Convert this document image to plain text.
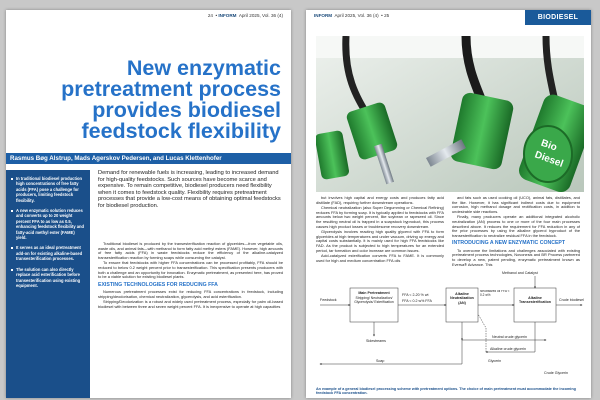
24  • INFORM April 2025, Vol. 36 (4)
New enzymatic
pretreatment process
provides biodiesel
feedstock flexibility
Rasmus Bøg Alstrup, Mads Agerskov Pedersen, and Lucas Klettenhofer
In traditional biodiesel production high concentrations of free fatty acids (FFA) pose a challenge for producers, limiting feedstock flexibility.
A new enzymatic solution reduces and converts up to 20 weight percent FFA to as low as 0.5, enhancing feedstock flexibility and fatty-acid methyl ester (FAME) yield.
It serves as an ideal pretreatment add-on for existing alkaline-based transesterification processes.
The solution can also directly replace acid esterification before transesterification using existing equipment.
Demand for renewable fuels is increasing, leading to increased demand for high-quality feedstocks. Such sources have become scarce and expensive. To remain competitive, biodiesel producers need flexibility when it comes to feedstock quality. Flexibility requires pretreatment processes that provide a low-cost means of obtaining optimal feedstocks for biodiesel production.

Traditional biodiesel is produced by the transesterification reaction of glycerides—from vegetable oils, waste oils, and animal fats—with methanol to form fatty acid methyl esters (FAME). However, high amounts of free fatty acids (FFA) in waste feedstocks reduce the efficiency of the alkaline-catalyzed transesterification reaction by forming soaps while consuming the catalyst.

To ensure that feedstocks with higher FFA concentrations can be processed profitably, FFA should be reduced to below 0.2 weight percent prior to transesterification. This specification presents producers with both a challenge and an opportunity for innovation. Enzymatic pretreatment, as presented here, has proved to be a viable solution for existing biodiesel plants.

EXISTING TECHNOLOGIES FOR REDUCING FFA

Numerous pretreatment processes exist for reducing FFA concentrations in feedstock, including stripping/deodorisation, chemical neutralization, glycerolysis, and acid esterification.

Stripping/Deodorization is a robust and widely used pretreatment process, especially for palm oil-based biodiesel with between three and seven weight percent FFA. It is inexpensive to operate at high capacities

INFORM April 2025, Vol. 36 (4)  • 25	BIODIESEL
Bio
Diesel

but involves high capital and energy costs and produces fatty acid distillate (FAD), requiring further downstream operations.

Chemical neutralization (also Super Degumming or Chemical Refining) reduces FFA by forming soap. It is typically applied to feedstocks with FFA amounts below two weight percent, like soybean or rapeseed oil. Since the resulting neutral oil is trapped in a soapstock byproduct, this process causes high product losses or troublesome recovery downstream.

Glycerolysis involves reacting high quality glycerol with FFA to form glycerides at high temperatures and under vacuum, driving up energy and capital costs substantially. It is mainly used for high FFA feedstocks like FAD. As the product is subjected to high temperatures for an extended period, tar formation and color increase are common issues.

Acid-catalyzed esterification converts FFA to FAME. It is commonly used for high and medium concentration FFA oils

and fats such as used cooking oil (UCO), animal fats, distillates, and the like. However, it has significant indirect costs due to equipment corrosion, high methanol dosage and rectification costs, in addition to undesirable side reactions.

Finally, many producers operate an additional integrated alcoholic neutralization (AN) process to one or more of the four main processes described above. It reduces the requirement for FFA reduction in any of the prior processes by using the alkaline glycerol byproduct of the transesterification to neutralize residual FFA in the feedstock.

INTRODUCING A NEW ENZYMATIC CONCEPT

To overcome the limitations and challenges associated with existing pretreatment process technologies, Novonesis and BR Process partnered to develop a new, patent pending, enzymatic pretreatment known as Eversa® Advance. This

Feedstock
Main Pretreatment
Stripping/ Neutralization/ Glycerolysis/ Esterification
FFA < 2-20 % wt
FFA < 0.2 w% FFA
Alkaline Neutralization (AN)
Methanol and Catalyst
Neutralized oil FFA < 0.2 w%
Alkaline Transesterification
Crude biodiesel
Sidestreams
Neutral crude glycerin
Alkaline crude glycerin
Glycerin
Soap
Crude Glycerin
An example of a general biodiesel processing scheme with pretreatment options. The choice of main pretreatment must accommodate the incoming feedstock FFA concentration.
